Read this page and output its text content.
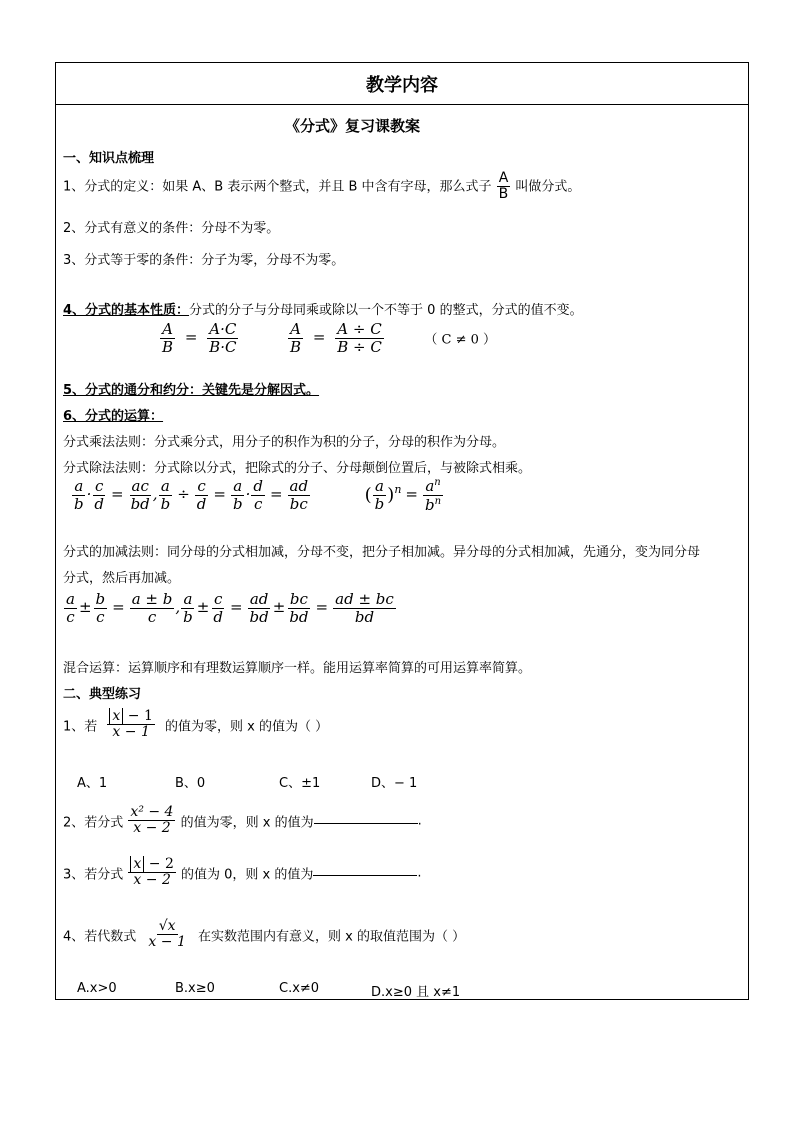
教学内容
《分式》复习课教案
一、知识点梳理
1、分式的定义：如果 A、B 表示两个整式，并且 B 中含有字母，那么式子 $\frac{A}{B}$ 叫做分式。
2、分式有意义的条件：分母不为零。
3、分式等于零的条件：分子为零，分母不为零。
4、分式的基本性质：分式的分子与分母同乘或除以一个不等于 0 的整式，分式的值不变。
$\frac{A}{B} = \frac{A\cdot C}{B\cdot C}$
	$\frac{A}{B} = \frac{A \div C}{B \div C}$	（ C ≠ 0 ）
5、分式的通分和约分：关键先是分解因式。
6、分式的运算：
分式乘法法则：分式乘分式，用分子的积作为积的分子，分母的积作为分母。
分式除法法则：分式除以分式，把除式的分子、分母颠倒位置后，与被除式相乘。
$\frac{a}{b} \cdot \frac{c}{d} = \frac{ac}{bd}$ , $\frac{a}{b} \div \frac{c}{d} = \frac{a}{b} \cdot \frac{d}{c} = \frac{ad}{bc}$	( $\frac{a}{b} )^n = \frac{a^n}{b^n}$
分式的加减法则：同分母的分式相加减，分母不变，把分子相加减。异分母的分式相加减，先通分，变为同分母
分式，然后再加减。
$\frac{a}{c} \pm \frac{b}{c} = \frac{a \pm b}{c}$ , $\frac{a}{b} \pm \frac{c}{d} = \frac{ad}{bd} \pm \frac{bc}{bd} = \frac{ad \pm bc}{bd}$
混合运算：运算顺序和有理数运算顺序一样。能用运算率简算的可用运算率简算。
二、典型练习
1、若 $\frac{x - 1}{x - 1}$ 的值为零，则 x 的值为（ ）
A、1	B、0	C、±1	D、− 1
2、若分式 $\frac{\text{x² − 4}}{x - 2}$ 的值为零，则 x 的值为	.
3、若分式 $\frac{x - 2}{x - 2}$ 的值为 0，则 x 的值为	.
4、若代数式 $\frac{√x}{x - 1}$ 在实数范围内有意义，则 x 的取值范围为（ ）
A.x>0	B.x≥0	C.x≠0	D.x≥0 且 x≠1
